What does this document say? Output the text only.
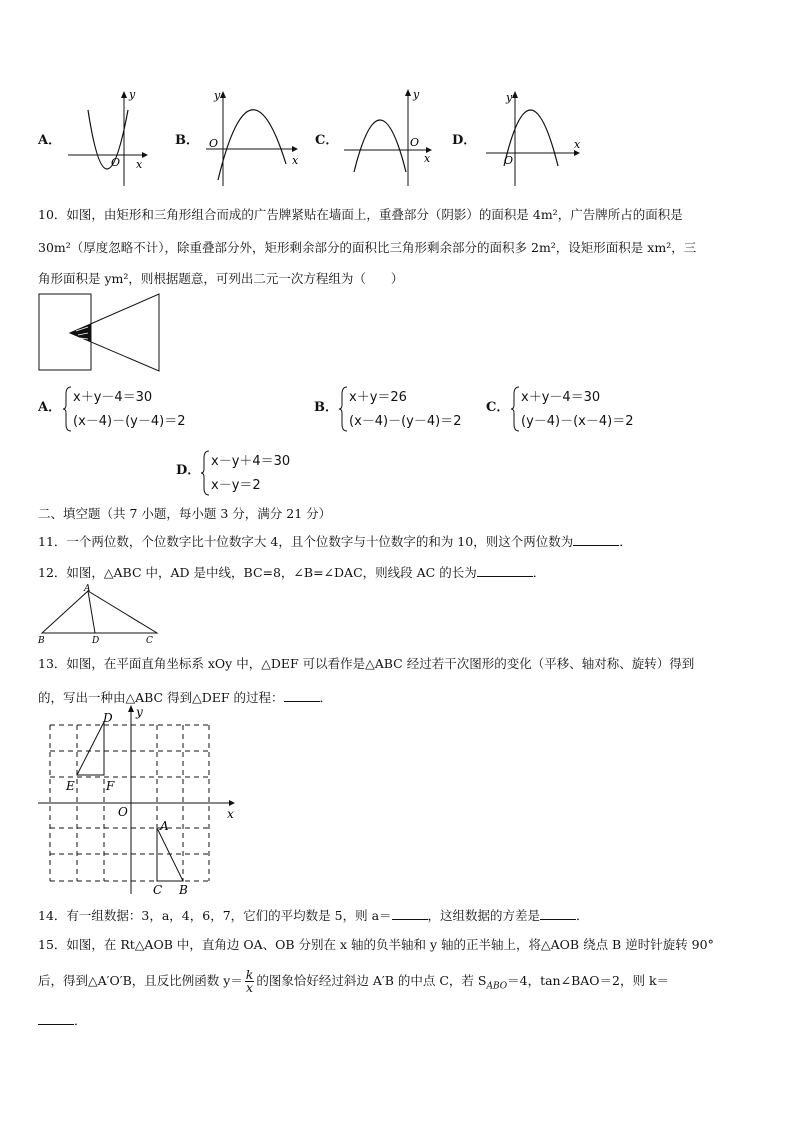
A．
y
x
O
B．
y
x
O	C．
y
x
O	D．
y
x
O
10．如图，由矩形和三角形组合而成的广告牌紧贴在墙面上，重叠部分（阴影）的面积是 4m²，广告牌所占的面积是
30m²（厚度忽略不计），除重叠部分外，矩形剩余部分的面积比三角形剩余部分的面积多 2m²，设矩形面积是 xm²，三
角形面积是 ym²，则根据题意，可列出二元一次方程组为（　　）
A．
x＋y－4＝30
(x－4)－(y－4)＝2
B．
x＋y＝26
(x－4)－(y－4)＝2
C．
x＋y－4＝30
(y－4)－(x－4)＝2
D．
x－y＋4＝30
x－y＝2
二、填空题（共 7 小题，每小题 3 分，满分 21 分）
11．一个两位数，个位数字比十位数字大 4，且个位数字与十位数字的和为 10，则这个两位数为	．
12．如图，△ABC 中，AD 是中线，BC=8，∠B=∠DAC，则线段 AC 的长为	．
A
B	D	C
13．如图，在平面直角坐标系 xOy 中，△DEF 可以看作是△ABC 经过若干次图形的变化（平移、轴对称、旋转）得到
的，写出一种由△ABC 得到△DEF 的过程：	．
D
E	F
O	x
y
A
C B
14．有一组数据：3，a，4，6，7，它们的平均数是 5，则 a＝	，这组数据的方差是	．
15．如图，在 Rt△AOB 中，直角边 OA、OB 分别在 x 轴的负半轴和 y 轴的正半轴上，将△AOB 绕点 B 逆时针旋转 90°
后，得到△A′O′B，且反比例函数 $y= \frac{k}{x}$ 的图象恰好经过斜边 A′B 的中点 C，若 $S_{ABO}=4$，tan∠BAO＝2，则 k＝
．
